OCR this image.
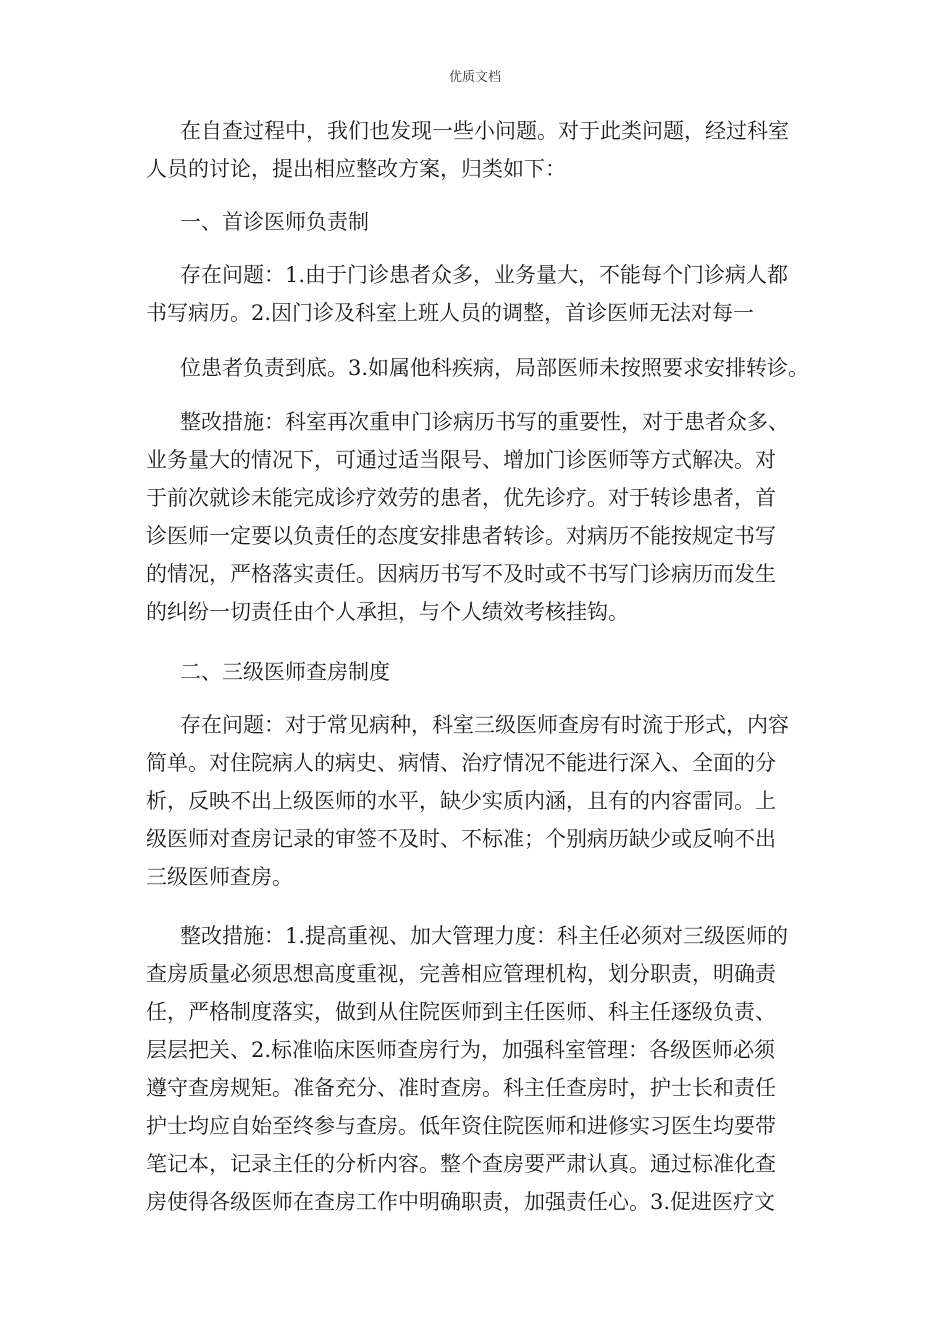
优质文档
在自查过程中，我们也发现一些小问题。对于此类问题，经过科室
人员的讨论，提出相应整改方案，归类如下：
一、首诊医师负责制
存在问题：1.由于门诊患者众多，业务量大，不能每个门诊病人都
书写病历。2.因门诊及科室上班人员的调整，首诊医师无法对每一
位患者负责到底。3.如属他科疾病，局部医师未按照要求安排转诊。
整改措施：科室再次重申门诊病历书写的重要性，对于患者众多、
业务量大的情况下，可通过适当限号、增加门诊医师等方式解决。对
于前次就诊未能完成诊疗效劳的患者，优先诊疗。对于转诊患者，首
诊医师一定要以负责任的态度安排患者转诊。对病历不能按规定书写
的情况，严格落实责任。因病历书写不及时或不书写门诊病历而发生
的纠纷一切责任由个人承担，与个人绩效考核挂钩。
二、三级医师查房制度
存在问题：对于常见病种，科室三级医师查房有时流于形式，内容
简单。对住院病人的病史、病情、治疗情况不能进行深入、全面的分
析，反映不出上级医师的水平，缺少实质内涵，且有的内容雷同。上
级医师对查房记录的审签不及时、不标准；个别病历缺少或反响不出
三级医师查房。
整改措施：1.提高重视、加大管理力度：科主任必须对三级医师的
查房质量必须思想高度重视，完善相应管理机构，划分职责，明确责
任，严格制度落实，做到从住院医师到主任医师、科主任逐级负责、
层层把关、2.标准临床医师查房行为，加强科室管理：各级医师必须
遵守查房规矩。准备充分、准时查房。科主任查房时，护士长和责任
护士均应自始至终参与查房。低年资住院医师和进修实习医生均要带
笔记本，记录主任的分析内容。整个查房要严肃认真。通过标准化查
房使得各级医师在查房工作中明确职责，加强责任心。3.促进医疗文
